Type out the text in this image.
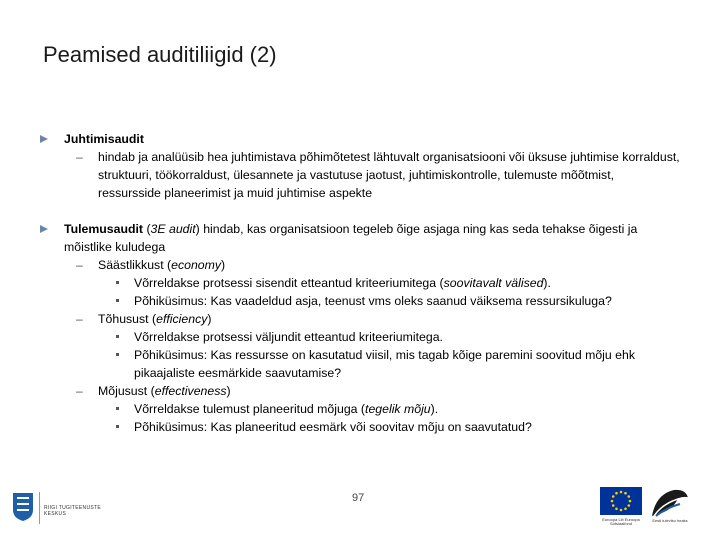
Peamised auditiliigid (2)
Juhtimisaudit
– hindab ja analüüsib hea juhtimistava põhimõtetest lähtuvalt organisatsiooni või üksuse juhtimise korraldust, struktuuri, töökorraldust, ülesannete ja vastutuse jaotust, juhtimiskontrolle, tulemuste mõõtmist, ressursside planeerimist ja muid juhtimise aspekte
Tulemusaudit (3E audit) hindab, kas organisatsioon tegeleb õige asjaga ning kas seda tehakse õigesti ja mõistlike kuludega
– Säästlikkust (economy)
Võrreldakse protsessi sisendit etteantud kriteeriumitega (soovitavalt välised).
Põhiküsimus: Kas vaadeldud asja, teenust vms oleks saanud väiksema ressursikuluga?
– Tõhusust (efficiency)
Võrreldakse protsessi väljundit etteantud kriteeriumitega.
Põhiküsimus: Kas ressursse on kasutatud viisil, mis tagab kõige paremini soovitud mõju ehk pikaajaliste eesmärkide saavutamise?
– Mõjusust (effectiveness)
Võrreldakse tulemust planeeritud mõjuga (tegelik mõju).
Põhiküsimus: Kas planeeritud eesmärk või soovitav mõju on saavutatud?
97
RIIGI TUGITEENUSTE KESKUS
Euroopa Liit Euroopa Sotsiaalfond
Eesti tuleviku heaks
